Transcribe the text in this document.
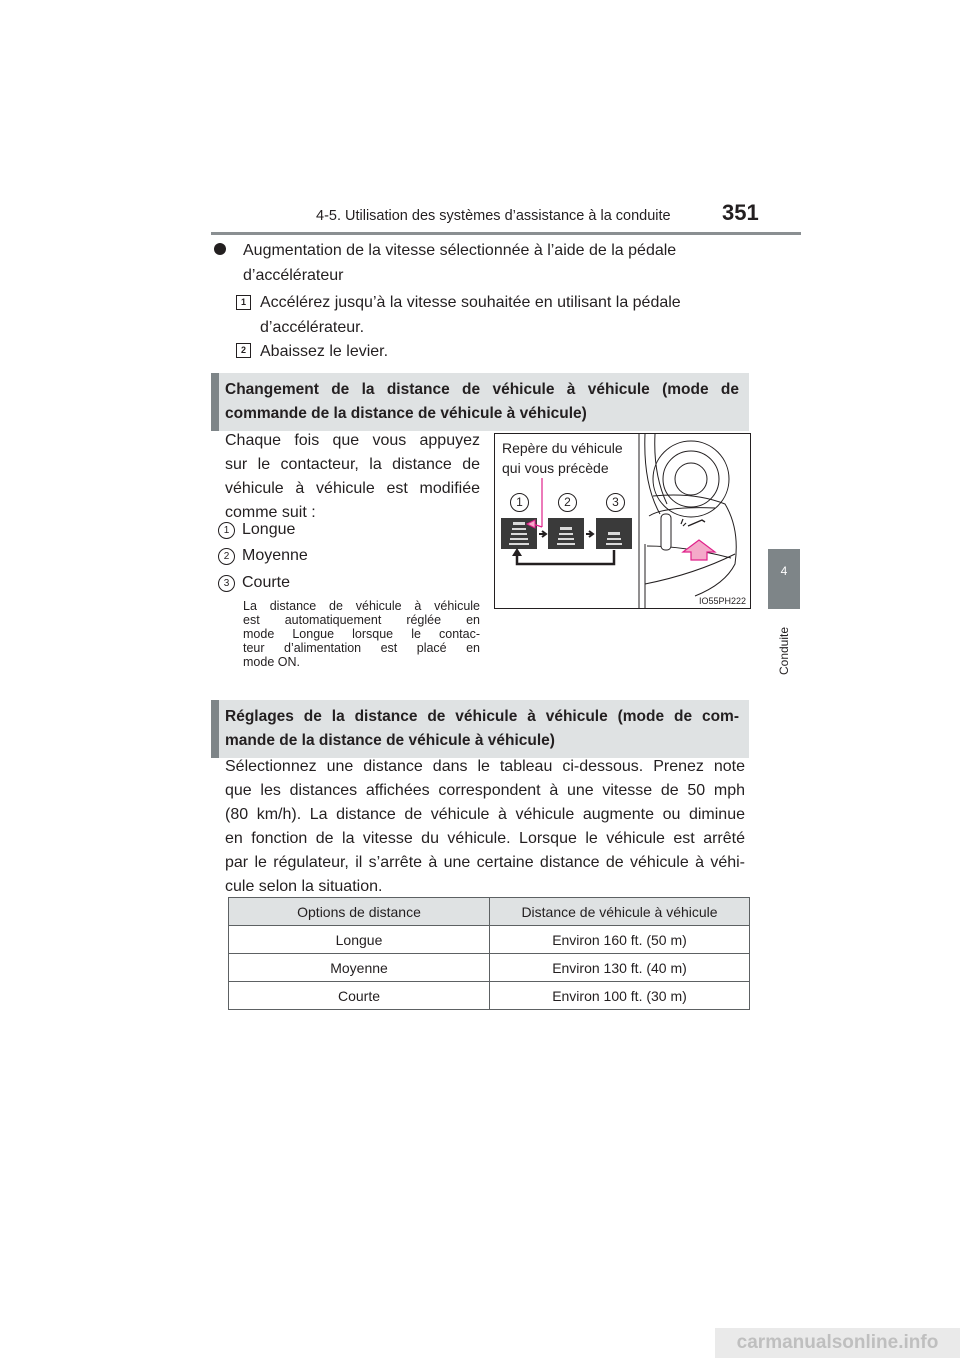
4-5. Utilisation des systèmes d’assistance à la conduite 351
4
Conduite
Augmentation de la vitesse sélectionnée à l’aide de la pédale
d’accélérateur
1 Accélérez jusqu’à la vitesse souhaitée en utilisant la pédale
d’accélérateur.
2 Abaissez le levier.
Changement de la distance de véhicule à véhicule (mode de
commande de la distance de véhicule à véhicule)
Chaque fois que vous appuyez
sur le contacteur, la distance de
véhicule à véhicule est modifiée
comme suit :
1 Longue
2 Moyenne
3 Courte
La distance de véhicule à véhicule
est automatiquement réglée en
mode Longue lorsque le contac-
teur d’alimentation est placé en
mode ON.
Repère du véhicule
qui vous précède
1	2	3
IO55PH222
Réglages de la distance de véhicule à véhicule (mode de com-
mande de la distance de véhicule à véhicule)
Sélectionnez une distance dans le tableau ci-dessous. Prenez note
que les distances affichées correspondent à une vitesse de 50 mph
(80 km/h). La distance de véhicule à véhicule augmente ou diminue
en fonction de la vitesse du véhicule. Lorsque le véhicule est arrêté
par le régulateur, il s’arrête à une certaine distance de véhicule à véhi-
cule selon la situation.
Options de distance	Distance de véhicule à véhicule
Longue	Environ 160 ft. (50 m)
Moyenne	Environ 130 ft. (40 m)
Courte	Environ 100 ft. (30 m)
carmanualsonline.info
